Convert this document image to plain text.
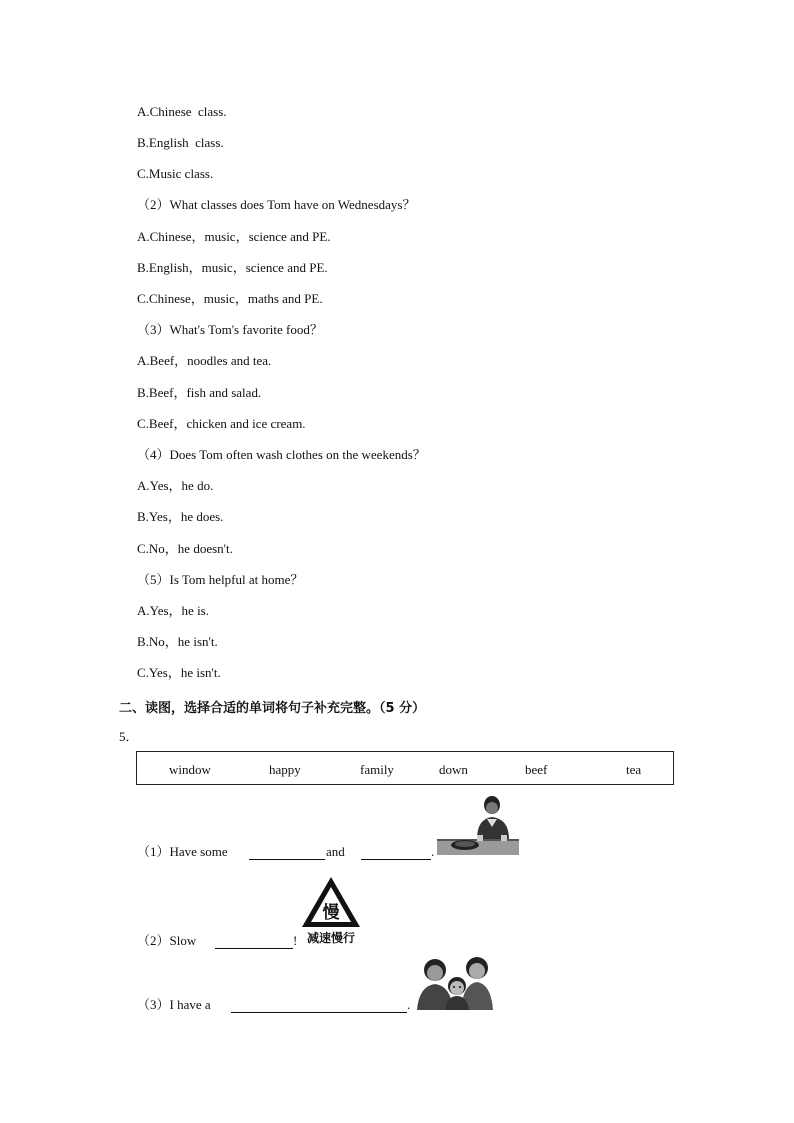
A.Chinese  class.
B.English  class.
C.Music class.
（2）What classes does Tom have on Wednesdays？
A.Chinese，music，science and PE.
B.English，music，science and PE.
C.Chinese，music，maths and PE.
（3）What's Tom's favorite food？
A.Beef，noodles and tea.
B.Beef，fish and salad.
C.Beef，chicken and ice cream.
（4）Does Tom often wash clothes on the weekends？
A.Yes，he do.
B.Yes，he does.
C.No，he doesn't.
（5）Is Tom helpful at home？
A.Yes，he is.
B.No，he isn't.
C.Yes，he isn't.
二、读图，选择合适的单词将句子补充完整。（5 分）
5．
window	happy	family	down	beef	tea
（1）Have some	and	.
（2）Slow	!
慢
减速慢行
（3）I have a	.
